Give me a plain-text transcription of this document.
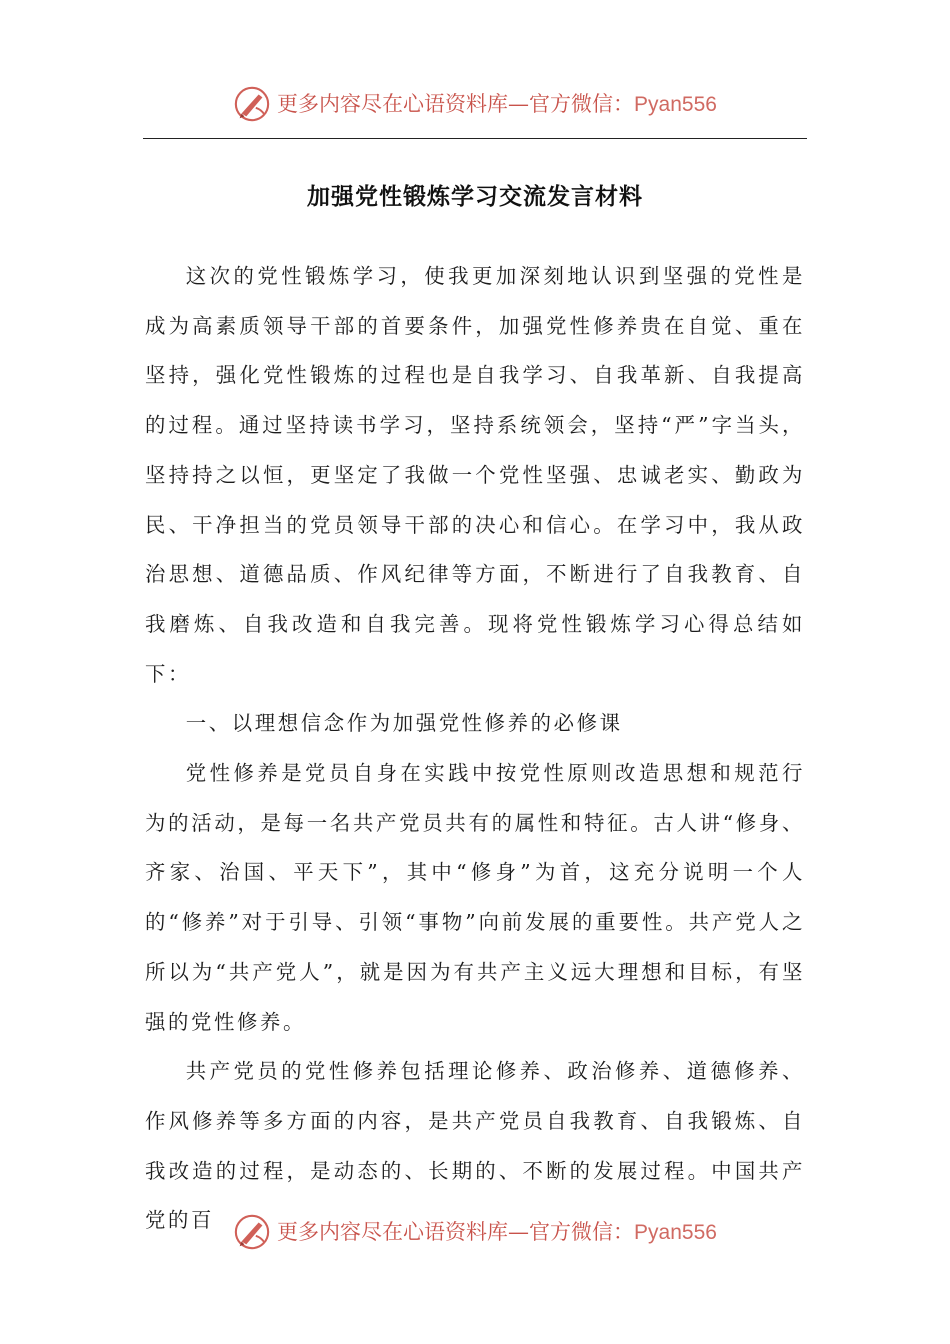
更多内容尽在心语资料库—官方微信：Pyan556
加强党性锻炼学习交流发言材料

这次的党性锻炼学习，使我更加深刻地认识到坚强的党性是成为高素质领导干部的首要条件，加强党性修养贵在自觉、重在坚持，强化党性锻炼的过程也是自我学习、自我革新、自我提高的过程。通过坚持读书学习，坚持系统领会，坚持“严”字当头，坚持持之以恒，更坚定了我做一个党性坚强、忠诚老实、勤政为民、干净担当的党员领导干部的决心和信心。在学习中，我从政治思想、道德品质、作风纪律等方面，不断进行了自我教育、自我磨炼、自我改造和自我完善。现将党性锻炼学习心得总结如下：

一、以理想信念作为加强党性修养的必修课

党性修养是党员自身在实践中按党性原则改造思想和规范行为的活动，是每一名共产党员共有的属性和特征。古人讲“修身、齐家、治国、平天下”，其中“修身”为首，这充分说明一个人的“修养”对于引导、引领“事物”向前发展的重要性。共产党人之所以为“共产党人”，就是因为有共产主义远大理想和目标，有坚强的党性修养。

共产党员的党性修养包括理论修养、政治修养、道德修养、作风修养等多方面的内容，是共产党员自我教育、自我锻炼、自我改造的过程，是动态的、长期的、不断的发展过程。中国共产党的百	更多内容尽在心语资料库—官方微信：Pyan556
